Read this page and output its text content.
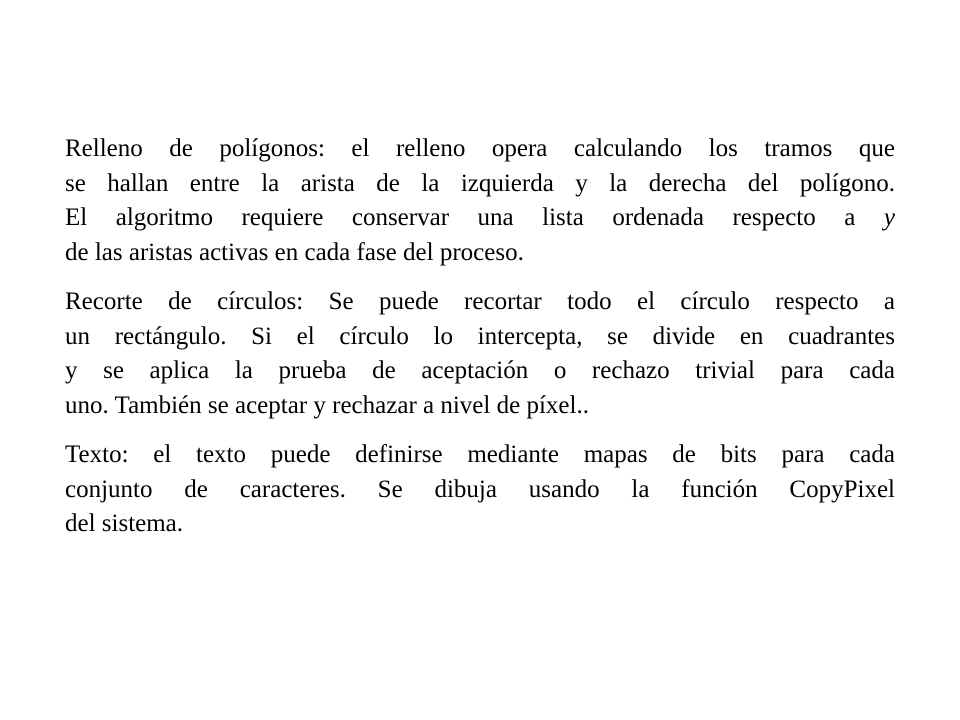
Relleno de polígonos: el relleno opera calculando los tramos que
se hallan entre la arista de la izquierda y la derecha del polígono.
El algoritmo requiere conservar una lista ordenada respecto a y
de las aristas activas en cada fase del proceso.

Recorte de círculos: Se puede recortar todo el círculo respecto a
un rectángulo. Si el círculo lo intercepta, se divide en cuadrantes
y se aplica la prueba de aceptación o rechazo trivial para cada
uno. También se aceptar y rechazar a nivel de píxel..

Texto: el texto puede definirse mediante mapas de bits para cada
conjunto de caracteres. Se dibuja usando la función CopyPixel
del sistema.
